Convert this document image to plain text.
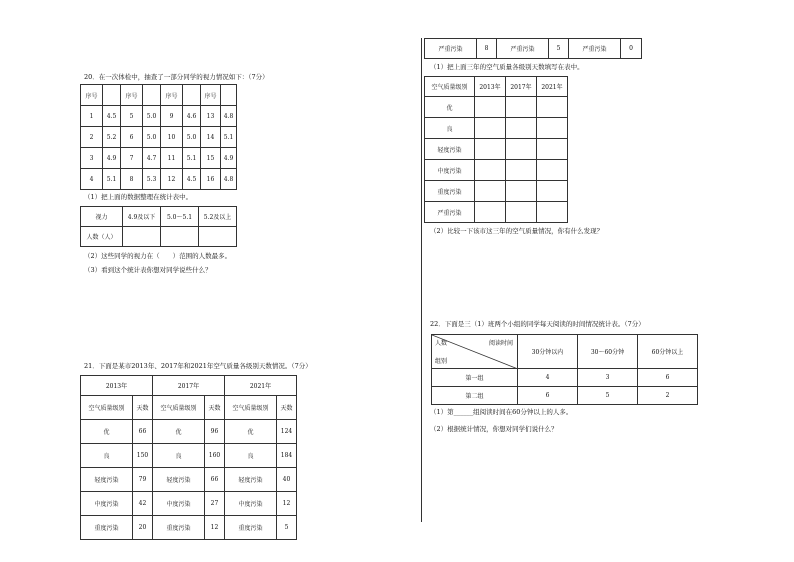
20．在一次体检中，抽查了一部分同学的视力情况如下：（7分）
序号		序号		序号		序号	
1	4.5	5	5.0	9	4.6	13	4.8
2	5.2	6	5.0	10	5.0	14	5.1
3	4.9	7	4.7	11	5.1	15	4.9
4	5.1	8	5.3	12	4.5	16	4.8
（1）把上面的数据整理在统计表中。
视力	4.9及以下	5.0～5.1	5.2及以上
人数（人）			
（2）这些同学的视力在（　　）范围的人数最多。
（3）看到这个统计表你想对同学说些什么？
21．下面是某市2013年、2017年和2021年空气质量各级别天数情况。（7分）
2013年		2017年		2021年	
空气质量级别	天数	空气质量级别	天数	空气质量级别	天数
优	66	优	96	优	124
良	150	良	160	良	184
轻度污染	79	轻度污染	66	轻度污染	40
中度污染	42	中度污染	27	中度污染	12
重度污染	20	重度污染	12	重度污染	5
严重污染	8	严重污染	5	严重污染	0
（1）把上面三年的空气质量各级别天数填写在表中。
空气质量级别	2013年	2017年	2021年
优			
良			
轻度污染			
中度污染			
重度污染			
严重污染			
（2）比较一下该市这三年的空气质量情况，你有什么发现？
22．下面是三（1）班两个小组的同学每天阅读的时间情况统计表。（7分）
阅读时间
人数
组别	30分钟以内	30～60分钟	60分钟以上
第一组	4	3	6
第二组	6	5	2
（1）第______组阅读时间在60分钟以上的人多。
（2）根据统计情况，你想对同学们说什么？
